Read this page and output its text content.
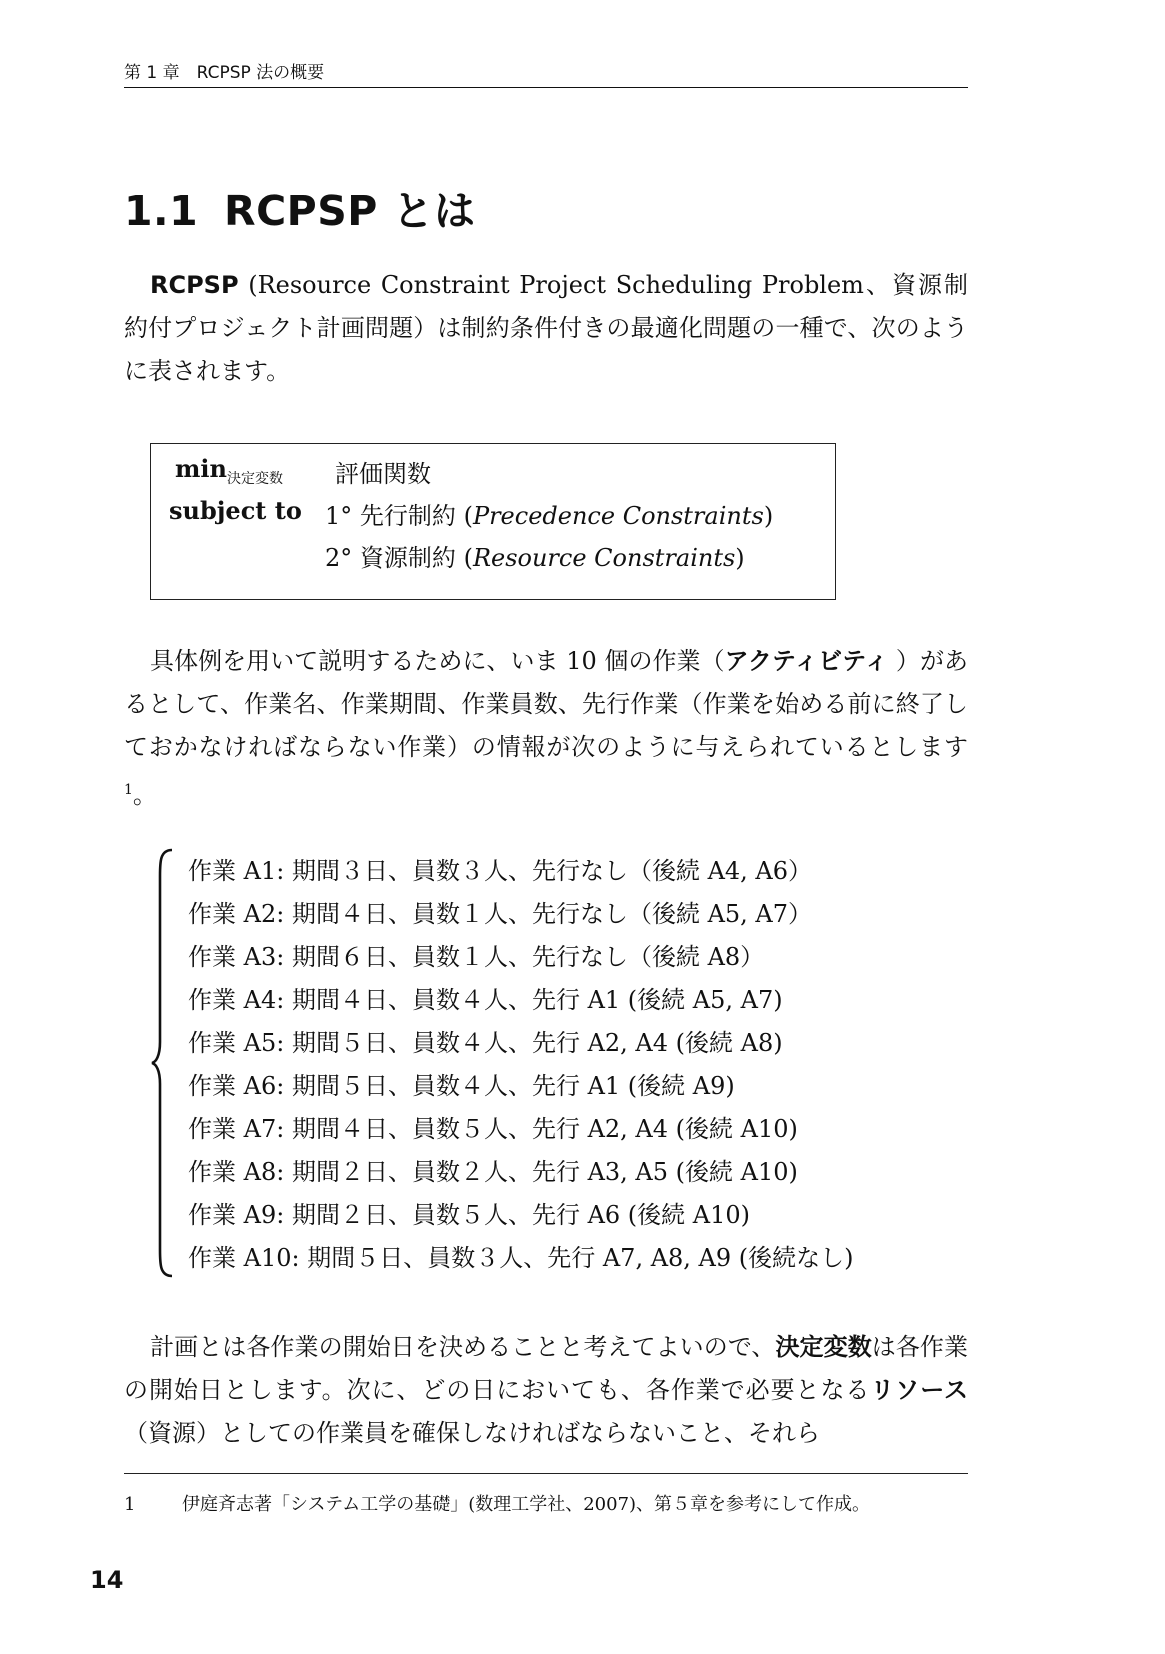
第 1 章　RCPSP 法の概要
1.1 RCPSP とは

RCPSP (Resource Constraint Project Scheduling Problem、資源制約付プロジェクト計画問題）は制約条件付きの最適化問題の一種で、次のように表されます。

$\min_{決定変数}$ 評価関数
subject to 1° 先行制約 (Precedence Constraints)
2° 資源制約 (Resource Constraints)

具体例を用いて説明するために、いま 10 個の作業（アクティビティ ）があるとして、作業名、作業期間、作業員数、先行作業（作業を始める前に終了しておかなければならない作業）の情報が次のように与えられているとします$^1$。

作業 A1: 期間３日、員数３人、先行なし（後続 A4, A6）
作業 A2: 期間４日、員数１人、先行なし（後続 A5, A7）
作業 A3: 期間６日、員数１人、先行なし（後続 A8）
作業 A4: 期間４日、員数４人、先行 A1 (後続 A5, A7)
作業 A5: 期間５日、員数４人、先行 A2, A4 (後続 A8)
作業 A6: 期間５日、員数４人、先行 A1 (後続 A9)
作業 A7: 期間４日、員数５人、先行 A2, A4 (後続 A10)
作業 A8: 期間２日、員数２人、先行 A3, A5 (後続 A10)
作業 A9: 期間２日、員数５人、先行 A6 (後続 A10)
作業 A10: 期間５日、員数３人、先行 A7, A8, A9 (後続なし)

計画とは各作業の開始日を決めることと考えてよいので、決定変数は各作業の開始日とします。次に、どの日においても、各作業で必要となるリソース（資源）としての作業員を確保しなければならないこと、それら

1	伊庭斉志著「システム工学の基礎」(数理工学社、2007)、第５章を参考にして作成。
14
